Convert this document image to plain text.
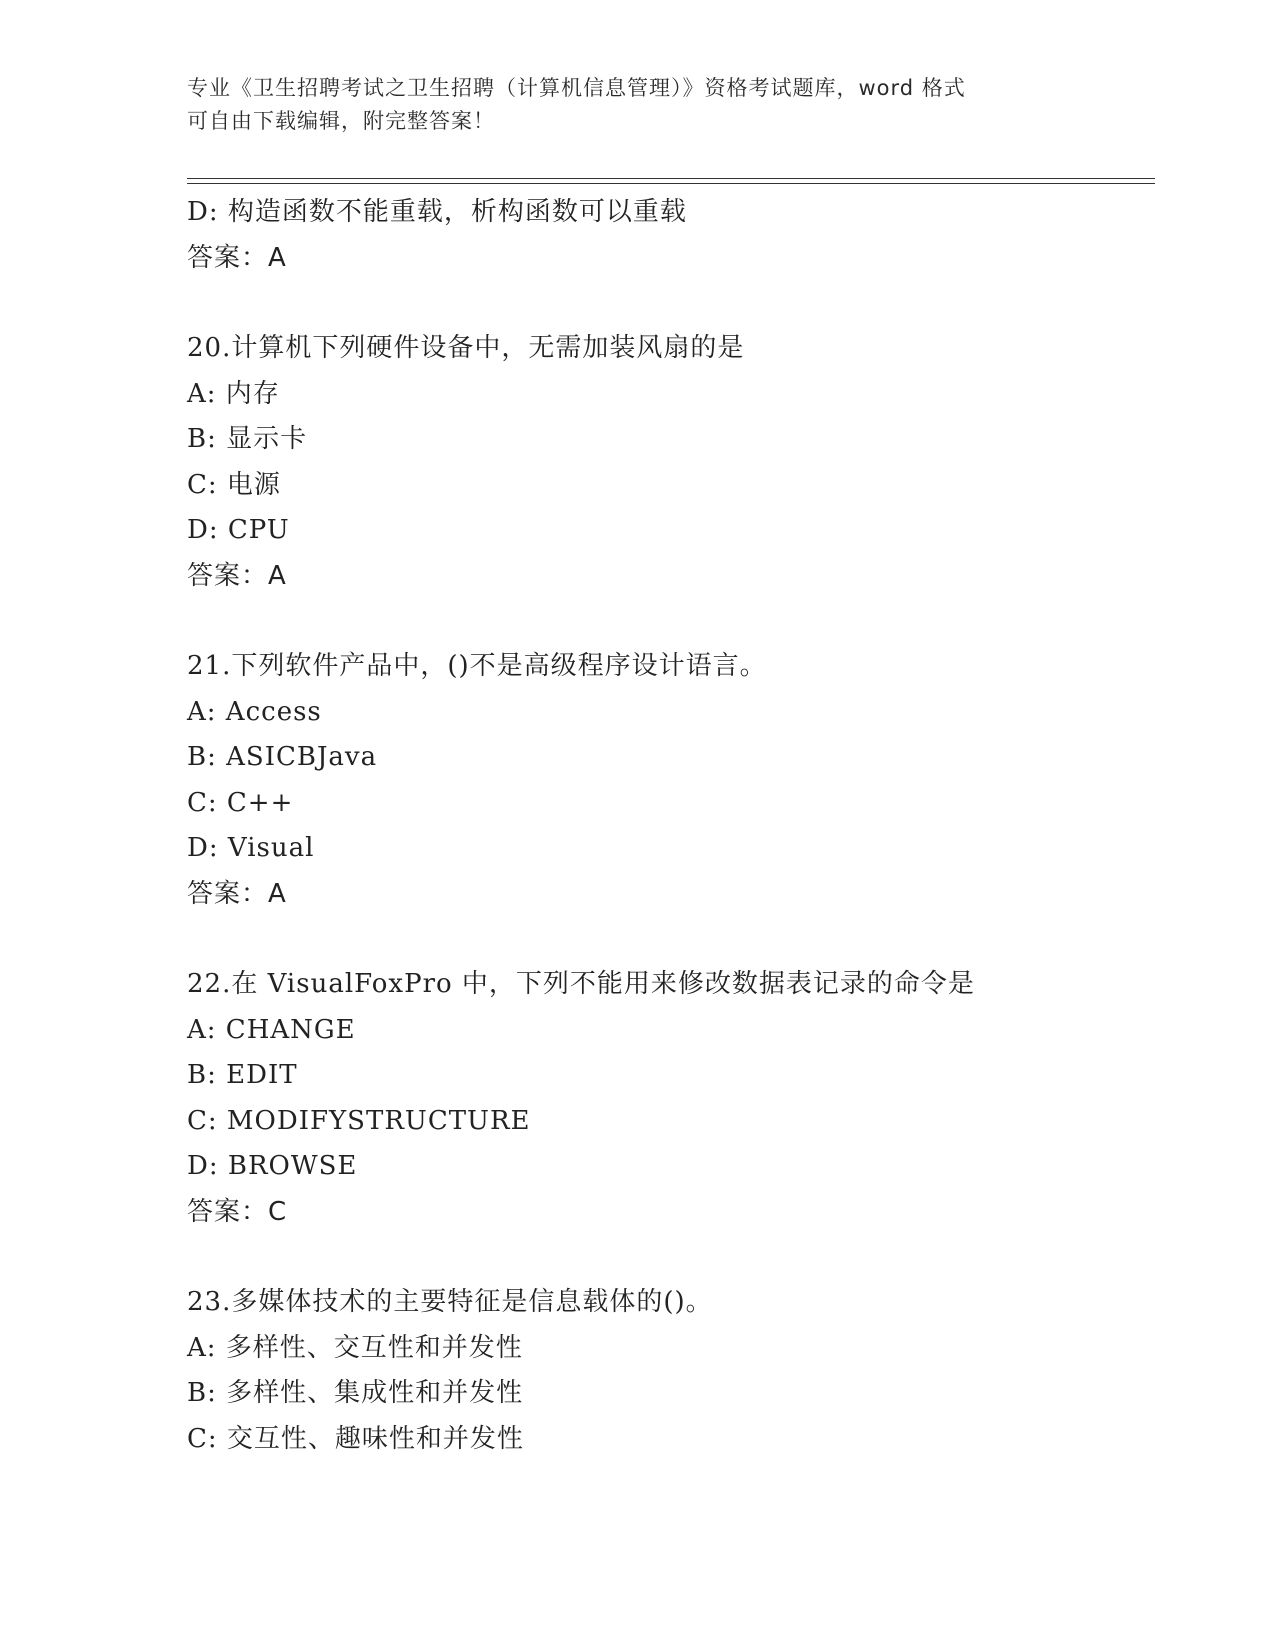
专业《卫生招聘考试之卫生招聘（计算机信息管理）》资格考试题库，word 格式
可自由下载编辑，附完整答案！
D: 构造函数不能重载，析构函数可以重载
答案：A
20.计算机下列硬件设备中，无需加装风扇的是
A: 内存
B: 显示卡
C: 电源
D: CPU
答案：A
21.下列软件产品中，()不是高级程序设计语言。
A: Access
B: ASICBJava
C: C++
D: Visual
答案：A
22.在 VisualFoxPro 中，下列不能用来修改数据表记录的命令是
A: CHANGE
B: EDIT
C: MODIFYSTRUCTURE
D: BROWSE
答案：C
23.多媒体技术的主要特征是信息载体的()。
A: 多样性、交互性和并发性
B: 多样性、集成性和并发性
C: 交互性、趣味性和并发性
